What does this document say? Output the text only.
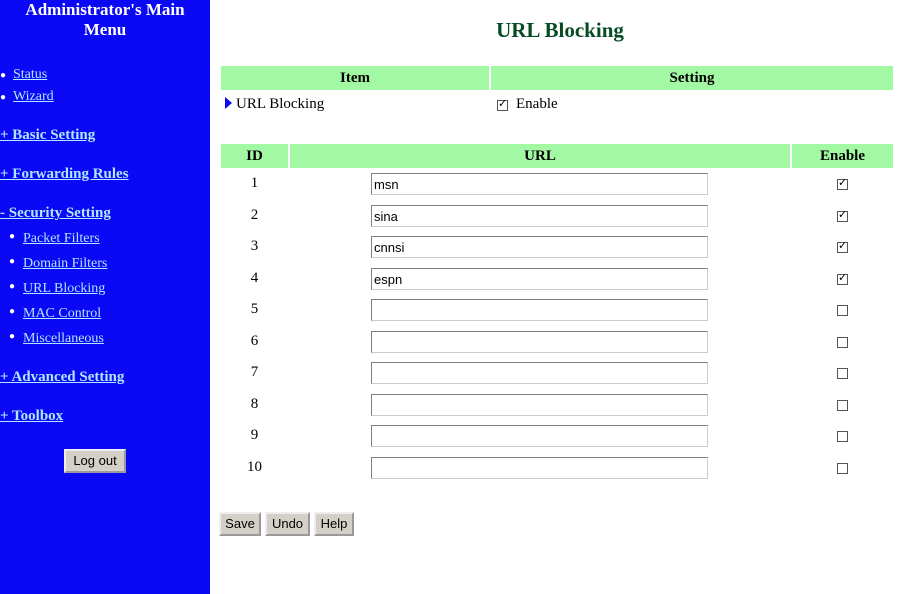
Administrator's Main
Menu
● Status
● Wizard
+ Basic Setting
+ Forwarding Rules
- Security Setting
● Packet Filters
● Domain Filters
● URL Blocking
● MAC Control
● Miscellaneous
+ Advanced Setting
+ Toolbox
Log out
URL Blocking
Item	Setting
URL Blocking
✓	Enable
ID	URL	Enable
1
msn
✓
2
sina
✓
3
cnnsi
✓
4
espn
✓
5
6
7
8
9
10
Save	Undo	Help
